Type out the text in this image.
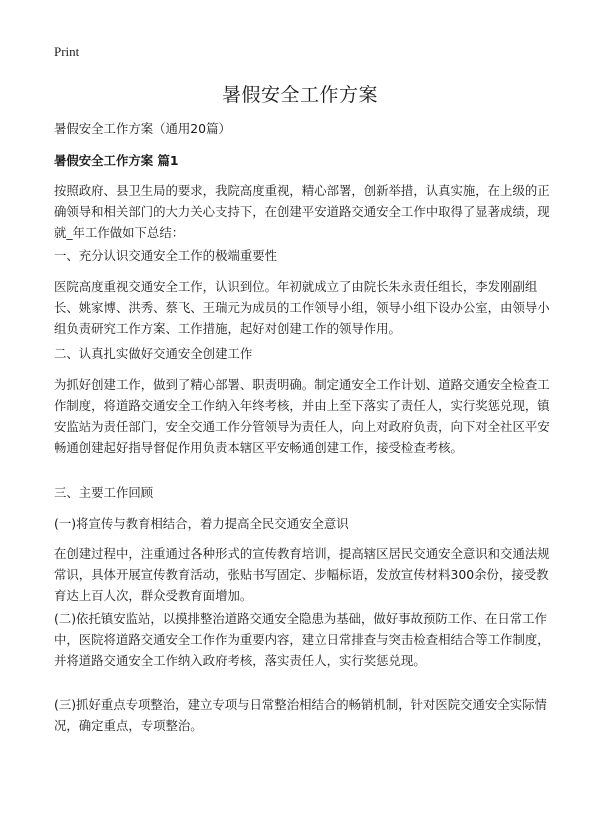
Print
暑假安全工作方案

暑假安全工作方案（通用20篇）

暑假安全工作方案 篇1

按照政府、县卫生局的要求，我院高度重视，精心部署，创新举措，认真实施，在上级的正确领导和相关部门的大力关心支持下，在创建平安道路交通安全工作中取得了显著成绩，现就_年工作做如下总结：

一、充分认识交通安全工作的极端重要性

医院高度重视交通安全工作，认识到位。年初就成立了由院长朱永责任组长，李发刚副组长、姚家博、洪秀、蔡飞、王瑞元为成员的工作领导小组，领导小组下设办公室，由领导小组负责研究工作方案、工作措施，起好对创建工作的领导作用。

二、认真扎实做好交通安全创建工作

为抓好创建工作，做到了精心部署、职责明确。制定通安全工作计划、道路交通安全检查工作制度，将道路交通安全工作纳入年终考核，并由上至下落实了责任人，实行奖惩兑现，镇安监站为责任部门，安全交通工作分管领导为责任人，向上对政府负责，向下对全社区平安畅通创建起好指导督促作用负责本辖区平安畅通创建工作，接受检查考核。

三、主要工作回顾

(一)将宣传与教育相结合，着力提高全民交通安全意识

在创建过程中，注重通过各种形式的宣传教育培训，提高辖区居民交通安全意识和交通法规常识，具体开展宣传教育活动，张贴书写固定、步幅标语，发放宣传材料300余份，接受教育达上百人次，群众受教育面增加。

(二)依托镇安监站，以摸排整治道路交通安全隐患为基础，做好事故预防工作、在日常工作中，医院将道路交通安全工作作为重要内容，建立日常排查与突击检查相结合等工作制度，并将道路交通安全工作纳入政府考核，落实责任人，实行奖惩兑现。

(三)抓好重点专项整治，建立专项与日常整治相结合的畅销机制，针对医院交通安全实际情况，确定重点，专项整治。
